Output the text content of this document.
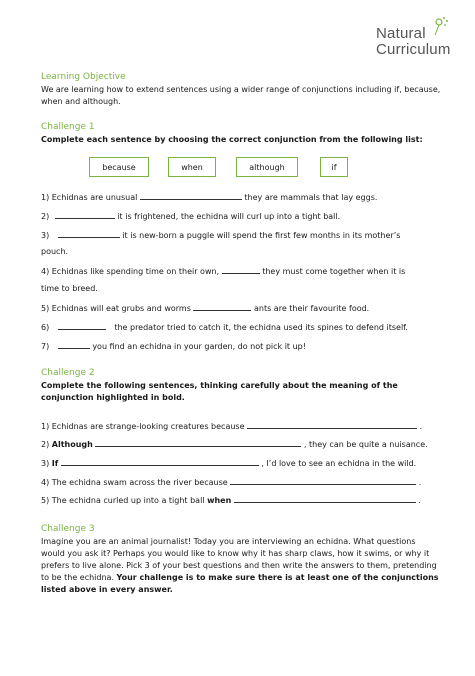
Natural
Curriculum
Learning Objective
We are learning how to extend sentences using a wider range of conjunctions including if, because, when and although.
Challenge 1
Complete each sentence by choosing the correct conjunction from the following list:
because	when	although	if
1) Echidnas are unusual	they are mammals that lay eggs.
2)	it is frightened, the echidna will curl up into a tight ball.
3)	it is new-born a puggle will spend the first few months in its mother’s
pouch.
4) Echidnas like spending time on their own,	they must come together when it is
time to breed.
5) Echidnas will eat grubs and worms	ants are their favourite food.
6)	the predator tried to catch it, the echidna used its spines to defend itself.
7)	you find an echidna in your garden, do not pick it up!
Challenge 2
Complete the following sentences, thinking carefully about the meaning of the conjunction highlighted in bold.
1) Echidnas are strange-looking creatures because	.
2) Although	, they can be quite a nuisance.
3) If	, I’d love to see an echidna in the wild.
4) The echidna swam across the river because	.
5) The echidna curled up into a tight ball when	.
Challenge 3
Imagine you are an animal journalist! Today you are interviewing an echidna. What questions would you ask it? Perhaps you would like to know why it has sharp claws, how it swims, or why it prefers to live alone. Pick 3 of your best questions and then write the answers to them, pretending to be the echidna. Your challenge is to make sure there is at least one of the conjunctions listed above in every answer.
